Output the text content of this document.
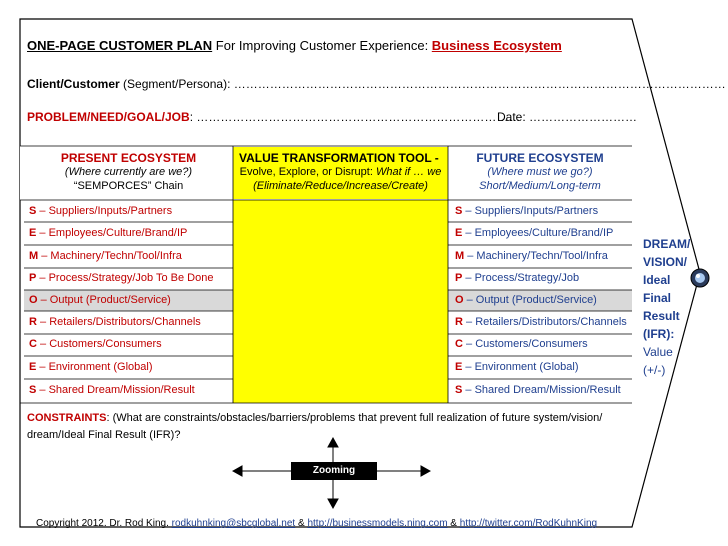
ONE-PAGE CUSTOMER PLAN For Improving Customer Experience: Business Ecosystem
Client/Customer (Segment/Persona): ……………………………………………………………………………………………………………
PROBLEM/NEED/GOAL/JOB: ………………………………………………………………………
Date: ………………………
PRESENT ECOSYSTEM
(Where currently are we?)
“SEMPORCES” Chain
VALUE TRANSFORMATION TOOL -
Evolve, Explore, or Disrupt: What if … we
(Eliminate/Reduce/Increase/Create)
FUTURE ECOSYSTEM
(Where must we go?)
Short/Medium/Long-term
S – Suppliers/Inputs/Partners
E – Employees/Culture/Brand/IP
M – Machinery/Techn/Tool/Infra
P – Process/Strategy/Job To Be Done
O – Output (Product/Service)
R – Retailers/Distributors/Channels
C – Customers/Consumers
E – Environment (Global)
S – Shared Dream/Mission/Result
S – Suppliers/Inputs/Partners
E – Employees/Culture/Brand/IP
M – Machinery/Techn/Tool/Infra
P – Process/Strategy/Job
O – Output (Product/Service)
R – Retailers/Distributors/Channels
C – Customers/Consumers
E – Environment (Global)
S – Shared Dream/Mission/Result
DREAM/
VISION/
Ideal
Final
Result
(IFR):
Value
(+/-)
CONSTRAINTS: (What are constraints/obstacles/barriers/problems that prevent full realization of future system/vision/ dream/Ideal Final Result (IFR)?
Zooming
Copyright 2012. Dr. Rod King. rodkuhnking@sbcglobal.net & http://businessmodels.ning.com & http://twitter.com/RodKuhnKing
